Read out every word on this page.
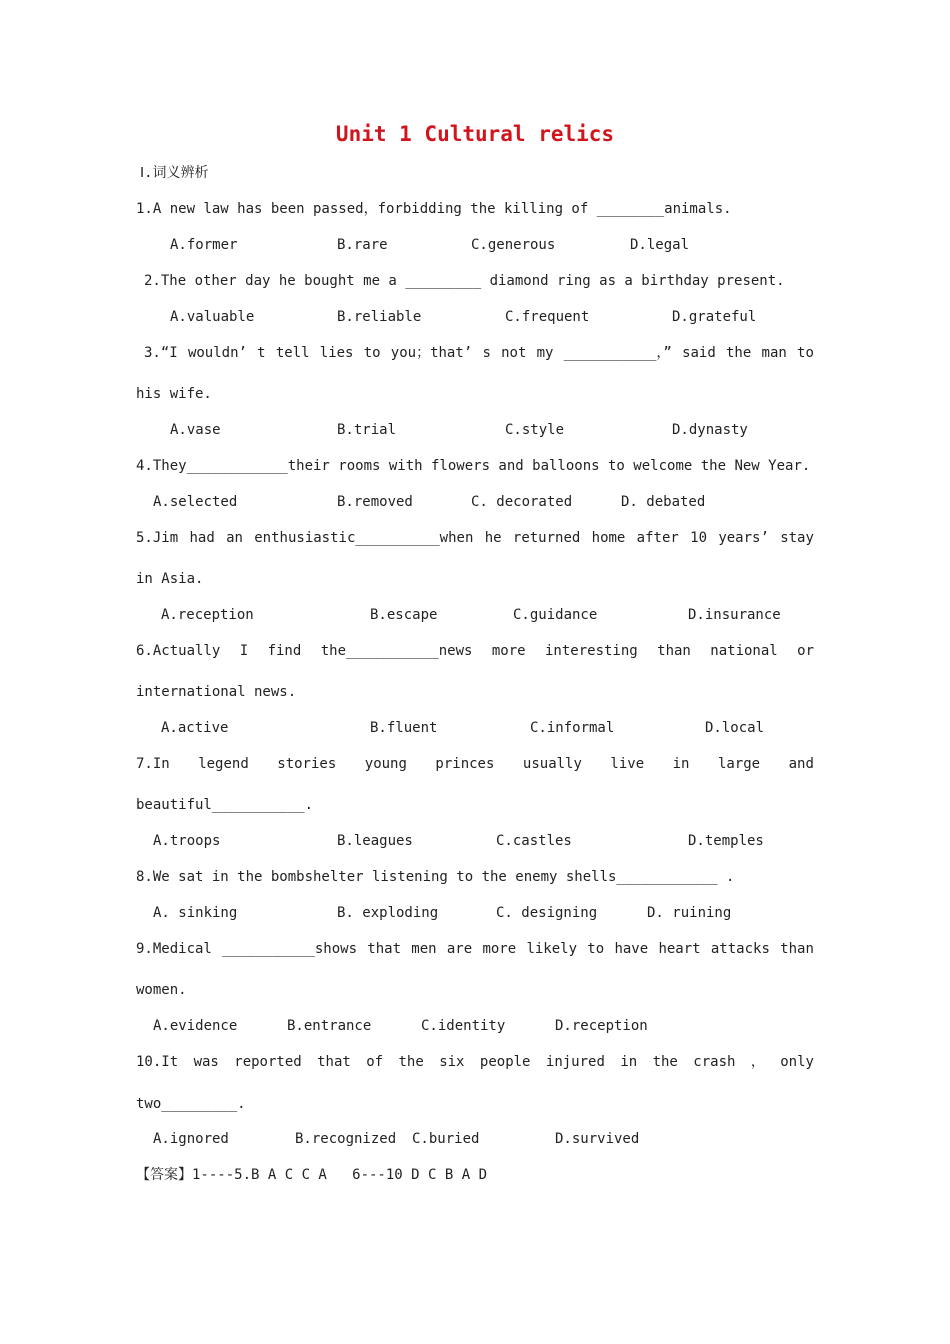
Unit 1 Cultural relics
Ⅰ.词义辨析
1.A new law has been passed，forbidding the killing of ________animals.
A.former	B.rare	C.generous	D.legal
2.The other day he bought me a _________ diamond ring as a birthday present.
A.valuable	B.reliable	C.frequent	D.grateful
3.“I wouldn’ t tell lies to you；that’ s not my ___________，” said the man to
his wife.
A.vase	B.trial	C.style	D.dynasty
4.They____________their rooms with flowers and balloons to welcome the New Year.
A.selected	B.removed	C. decorated	D. debated
5.Jim had an enthusiastic__________when he returned home after 10 years’ stay
in Asia.
A.reception	B.escape	C.guidance	D.insurance
6.Actually I find the___________news more interesting than national or
international news.
A.active	B.fluent	C.informal	D.local
7.In legend stories young princes usually live in large and
beautiful___________.
A.troops	B.leagues	C.castles	D.temples
8.We sat in the bombshelter listening to the enemy shells____________ .
A. sinking	B. exploding	C. designing	D. ruining
9.Medical ___________shows that men are more likely to have heart attacks than
women.
A.evidence	B.entrance	C.identity	D.reception
10.It was reported that of the six people injured in the crash ， only
two_________.
A.ignored	B.recognized C.buried	D.survived
【答案】1----5.B A C C A   6---10 D C B A D
